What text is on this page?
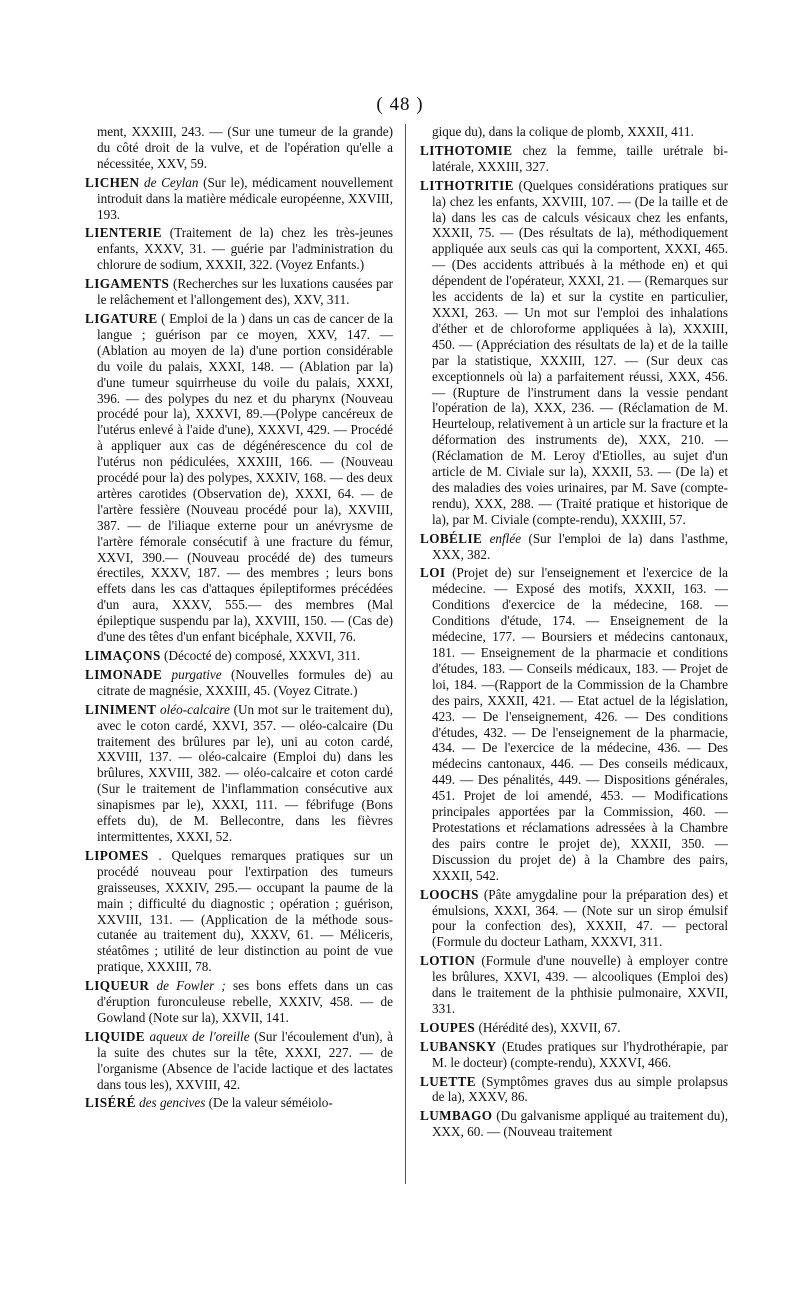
( 48 )

ment, XXXIII, 243. — (Sur une tumeur de la grande) du côté droit de la vulve, et de l'opération qu'elle a nécessitée, XXV, 59.

LICHEN de Ceylan (Sur le), médicament nouvellement introduit dans la matière médicale européenne, XXVIII, 193.

LIENTERIE (Traitement de la) chez les très-jeunes enfants, XXXV, 31. — guérie par l'administration du chlorure de sodium, XXXII, 322. (Voyez Enfants.)

LIGAMENTS (Recherches sur les luxations causées par le relâchement et l'allongement des), XXV, 311.

LIGATURE ( Emploi de la ) dans un cas de cancer de la langue ; guérison par ce moyen, XXV, 147. — (Ablation au moyen de la) d'une portion considérable du voile du palais, XXXI, 148. — (Ablation par la) d'une tumeur squirrheuse du voile du palais, XXXI, 396. — des polypes du nez et du pharynx (Nouveau procédé pour la), XXXVI, 89.—(Polype cancéreux de l'utérus enlevé à l'aide d'une), XXXVI, 429. — Procédé à appliquer aux cas de dégénérescence du col de l'utérus non pédiculées, XXXIII, 166. — (Nouveau procédé pour la) des polypes, XXXIV, 168. — des deux artères carotides (Observation de), XXXI, 64. — de l'artère fessière (Nouveau procédé pour la), XXVIII, 387. — de l'iliaque externe pour un anévrysme de l'artère fémorale consécutif à une fracture du fémur, XXVI, 390.— (Nouveau procédé de) des tumeurs érectiles, XXXV, 187. — des membres ; leurs bons effets dans les cas d'attaques épileptiformes précédées d'un aura, XXXV, 555.— des membres (Mal épileptique suspendu par la), XXVIII, 150. — (Cas de) d'une des têtes d'un enfant bicéphale, XXVII, 76.

LIMAÇONS (Décocté de) composé, XXXVI, 311.

LIMONADE purgative (Nouvelles formules de) au citrate de magnésie, XXXIII, 45. (Voyez Citrate.)

LINIMENT oléo-calcaire (Un mot sur le traitement du), avec le coton cardé, XXVI, 357. — oléo-calcaire (Du traitement des brûlures par le), uni au coton cardé, XXVIII, 137. — oléo-calcaire (Emploi du) dans les brûlures, XXVIII, 382. — oléo-calcaire et coton cardé (Sur le traitement de l'inflammation consécutive aux sinapismes par le), XXXI, 111. — fébrifuge (Bons effets du), de M. Bellecontre, dans les fièvres intermittentes, XXXI, 52.

LIPOMES . Quelques remarques pratiques sur un procédé nouveau pour l'extirpation des tumeurs graisseuses, XXXIV, 295.— occupant la paume de la main ; difficulté du diagnostic ; opération ; guérison, XXVIII, 131. — (Application de la méthode sous-cutanée au traitement du), XXXV, 61. — Méliceris, stéatômes ; utilité de leur distinction au point de vue pratique, XXXIII, 78.

LIQUEUR de Fowler ; ses bons effets dans un cas d'éruption furonculeuse rebelle, XXXIV, 458. — de Gowland (Note sur la), XXVII, 141.

LIQUIDE aqueux de l'oreille (Sur l'écoulement d'un), à la suite des chutes sur la tête, XXXI, 227. — de l'organisme (Absence de l'acide lactique et des lactates dans tous les), XXVIII, 42.

LISÉRÉ des gencives (De la valeur séméiolo-

gique du), dans la colique de plomb, XXXII, 411.

LITHOTOMIE chez la femme, taille urétrale bi-latérale, XXXIII, 327.

LITHOTRITIE (Quelques considérations pratiques sur la) chez les enfants, XXVIII, 107. — (De la taille et de la) dans les cas de calculs vésicaux chez les enfants, XXXII, 75. — (Des résultats de la), méthodiquement appliquée aux seuls cas qui la comportent, XXXI, 465. — (Des accidents attribués à la méthode en) et qui dépendent de l'opérateur, XXXI, 21. — (Remarques sur les accidents de la) et sur la cystite en particulier, XXXI, 263. — Un mot sur l'emploi des inhalations d'éther et de chloroforme appliquées à la), XXXIII, 450. — (Appréciation des résultats de la) et de la taille par la statistique, XXXIII, 127. — (Sur deux cas exceptionnels où la) a parfaitement réussi, XXX, 456. — (Rupture de l'instrument dans la vessie pendant l'opération de la), XXX, 236. — (Réclamation de M. Heurteloup, relativement à un article sur la fracture et la déformation des instruments de), XXX, 210. — (Réclamation de M. Leroy d'Etiolles, au sujet d'un article de M. Civiale sur la), XXXII, 53. — (De la) et des maladies des voies urinaires, par M. Save (compte-rendu), XXX, 288. — (Traité pratique et historique de la), par M. Civiale (compte-rendu), XXXIII, 57.

LOBÉLIE enflée (Sur l'emploi de la) dans l'asthme, XXX, 382.

LOI (Projet de) sur l'enseignement et l'exercice de la médecine. — Exposé des motifs, XXXII, 163. — Conditions d'exercice de la médecine, 168. — Conditions d'étude, 174. — Enseignement de la médecine, 177. — Boursiers et médecins cantonaux, 181. — Enseignement de la pharmacie et conditions d'études, 183. — Conseils médicaux, 183. — Projet de loi, 184. —(Rapport de la Commission de la Chambre des pairs, XXXII, 421. — Etat actuel de la législation, 423. — De l'enseignement, 426. — Des conditions d'études, 432. — De l'enseignement de la pharmacie, 434. — De l'exercice de la médecine, 436. — Des médecins cantonaux, 446. — Des conseils médicaux, 449. — Des pénalités, 449. — Dispositions générales, 451. Projet de loi amendé, 453. — Modifications principales apportées par la Commission, 460. — Protestations et réclamations adressées à la Chambre des pairs contre le projet de), XXXII, 350. — Discussion du projet de) à la Chambre des pairs, XXXII, 542.

LOOCHS (Pâte amygdaline pour la préparation des) et émulsions, XXXI, 364. — (Note sur un sirop émulsif pour la confection des), XXXII, 47. — pectoral (Formule du docteur Latham, XXXVI, 311.

LOTION (Formule d'une nouvelle) à employer contre les brûlures, XXVI, 439. — alcooliques (Emploi des) dans le traitement de la phthisie pulmonaire, XXVII, 331.

LOUPES (Hérédité des), XXVII, 67.

LUBANSKY (Etudes pratiques sur l'hydrothérapie, par M. le docteur) (compte-rendu), XXXVI, 466.

LUETTE (Symptômes graves dus au simple prolapsus de la), XXXV, 86.

LUMBAGO (Du galvanisme appliqué au traitement du), XXX, 60. — (Nouveau traitement
